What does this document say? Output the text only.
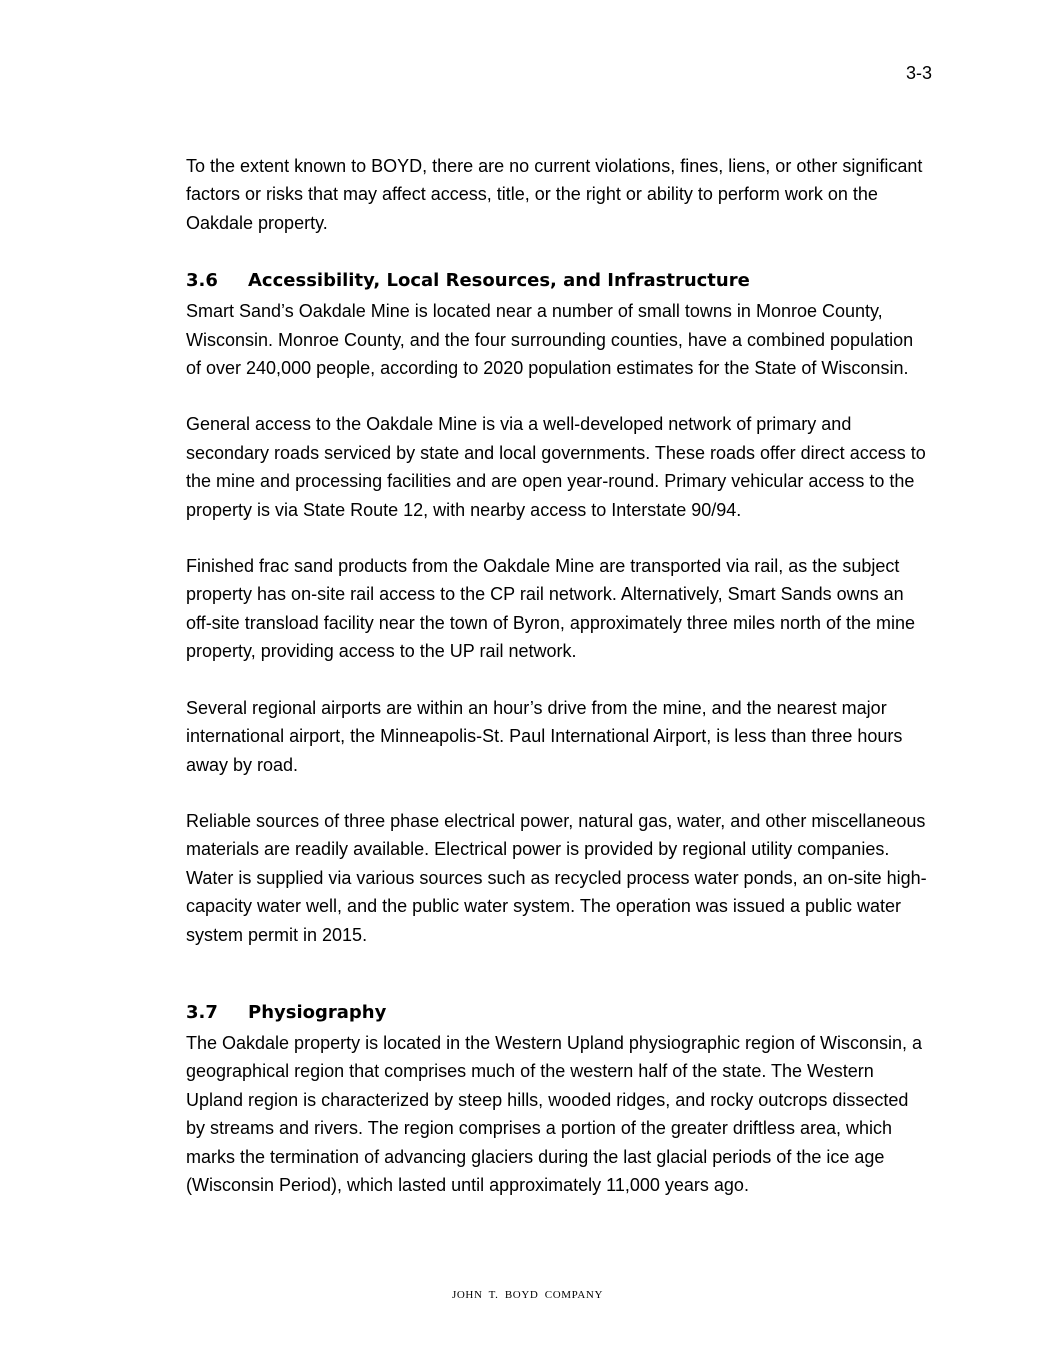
3-3

To the extent known to BOYD, there are no current violations, fines, liens, or other significant factors or risks that may affect access, title, or the right or ability to perform work on the Oakdale property.

3.6	Accessibility, Local Resources, and Infrastructure

Smart Sand’s Oakdale Mine is located near a number of small towns in Monroe County, Wisconsin. Monroe County, and the four surrounding counties, have a combined population of over 240,000 people, according to 2020 population estimates for the State of Wisconsin.

General access to the Oakdale Mine is via a well-developed network of primary and secondary roads serviced by state and local governments. These roads offer direct access to the mine and processing facilities and are open year-round. Primary vehicular access to the property is via State Route 12, with nearby access to Interstate 90/94.

Finished frac sand products from the Oakdale Mine are transported via rail, as the subject property has on-site rail access to the CP rail network. Alternatively, Smart Sands owns an off-site transload facility near the town of Byron, approximately three miles north of the mine property, providing access to the UP rail network.

Several regional airports are within an hour’s drive from the mine, and the nearest major international airport, the Minneapolis-St. Paul International Airport, is less than three hours away by road.

Reliable sources of three phase electrical power, natural gas, water, and other miscellaneous materials are readily available. Electrical power is provided by regional utility companies. Water is supplied via various sources such as recycled process water ponds, an on-site high-capacity water well, and the public water system. The operation was issued a public water system permit in 2015.

3.7	Physiography

The Oakdale property is located in the Western Upland physiographic region of Wisconsin, a geographical region that comprises much of the western half of the state. The Western Upland region is characterized by steep hills, wooded ridges, and rocky outcrops dissected by streams and rivers. The region comprises a portion of the greater driftless area, which marks the termination of advancing glaciers during the last glacial periods of the ice age (Wisconsin Period), which lasted until approximately 11,000 years ago.

JOHN T. BOYD COMPANY
